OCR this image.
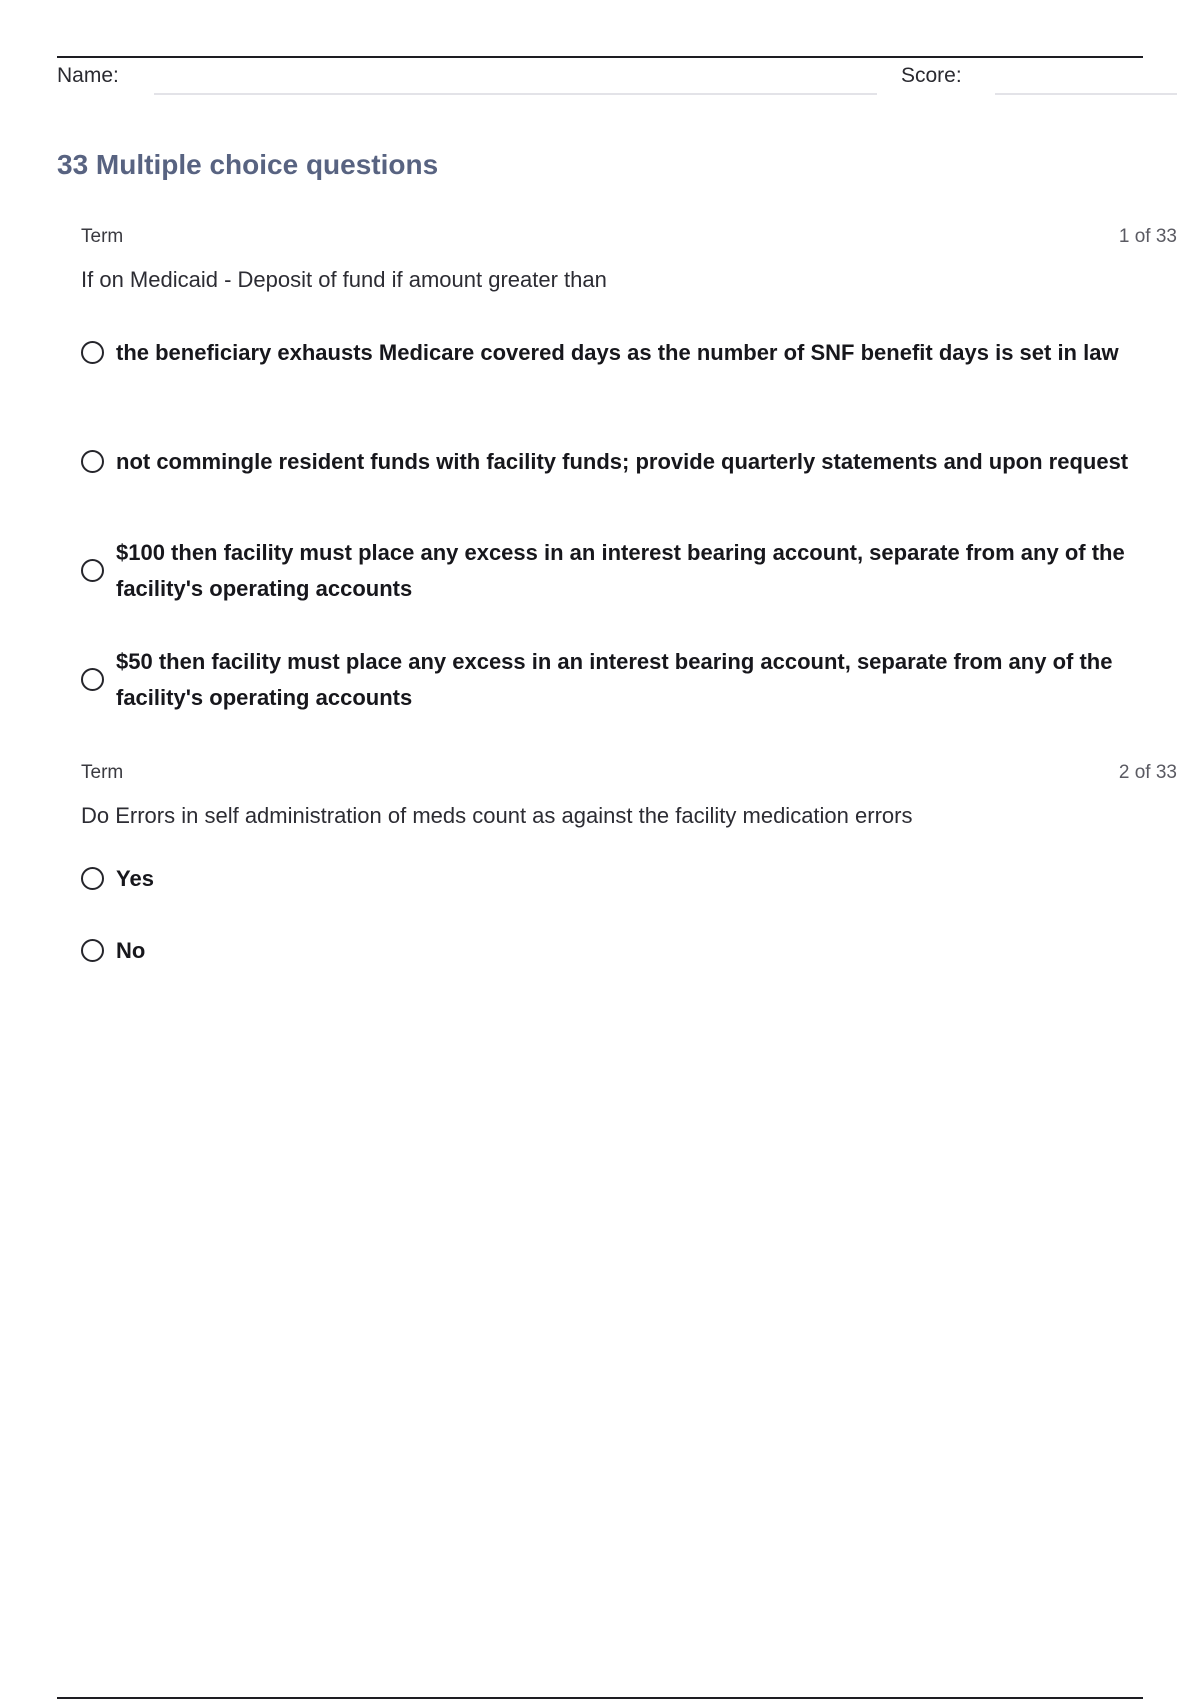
Name:	Score:
33 Multiple choice questions
Term	1 of 33
If on Medicaid - Deposit of fund if amount greater than
the beneficiary exhausts Medicare covered days as the number of SNF benefit days is set in law
not commingle resident funds with facility funds; provide quarterly statements and upon request
$100 then facility must place any excess in an interest bearing account, separate from any of the facility's operating accounts
$50 then facility must place any excess in an interest bearing account, separate from any of the facility's operating accounts
Term	2 of 33
Do Errors in self administration of meds count as against the facility medication errors
Yes
No
